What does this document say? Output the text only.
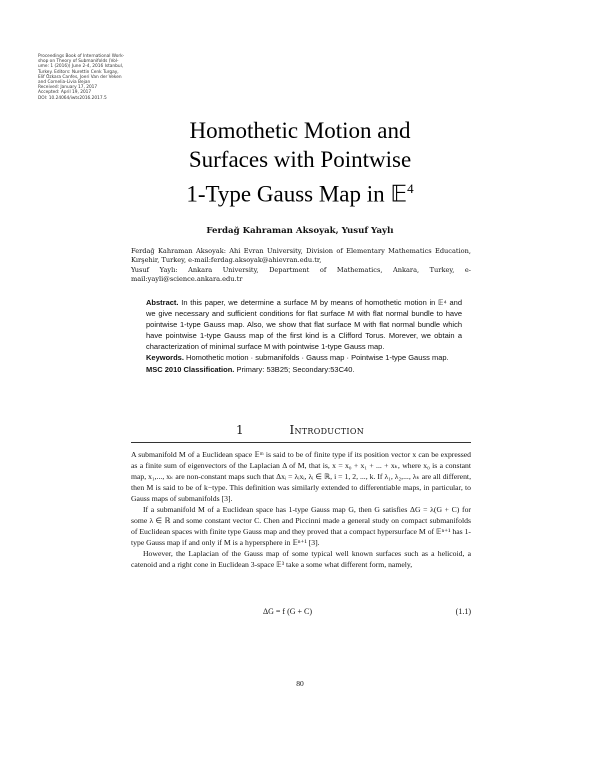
Proceedings Book of International Work-
shop on Theory of Submanifolds (Vol-
ume: 1 (2016)) June 2-4, 2016 Istanbul,
Turkey. Editors: Nurettin Cenk Turgay,
Elif Özkara Canfes, Joeri Van der Veken
and Cornelia-Livia Bejan
Received: January 17, 2017
Accepted: April 19, 2017
DOI: 10.24064/iwts2016.2017.5
Homothetic Motion and
Surfaces with Pointwise
1-Type Gauss Map in 𝔼$^4$
Ferdağ Kahraman Aksoyak, Yusuf Yaylı
Ferdağ Kahraman Aksoyak: Ahi Evran University, Division of Elementary Mathematics Education, Kırşehir, Turkey, e-mail:ferdag.aksoyak@ahievran.edu.tr,
Yusuf Yaylı: Ankara University, Department of Mathematics, Ankara, Turkey, e-mail:yayli@science.ankara.edu.tr
Abstract. In this paper, we determine a surface M by means of homothetic motion in 𝔼⁴ and we give necessary and sufficient conditions for flat surface M with flat normal bundle to have pointwise 1-type Gauss map. Also, we show that flat surface M with flat normal bundle which have pointwise 1-type Gauss map of the first kind is a Clifford Torus. Morever, we obtain a characterization of minimal surface M with pointwise 1-type Gauss map.
Keywords. Homothetic motion · submanifolds · Gauss map · Pointwise 1-type Gauss map.
MSC 2010 Classification. Primary: 53B25; Secondary:53C40.
1	Introduction

A submanifold M of a Euclidean space 𝔼ᵐ is said to be of finite type if its position vector x can be expressed as a finite sum of eigenvectors of the Laplacian Δ of M, that is, x = x₀ + x₁ + ... + xₖ, where x₀ is a constant map, x₁,..., xₖ are non-constant maps such that Δxᵢ = λᵢxᵢ, λᵢ ∈ ℝ, i = 1, 2, ..., k. If λ₁, λ₂,..., λₖ are all different, then M is said to be of k−type. This definition was similarly extended to differentiable maps, in particular, to Gauss maps of submanifolds [3].

If a submanifold M of a Euclidean space has 1-type Gauss map G, then G satisfies ΔG = λ(G + C) for some λ ∈ ℝ and some constant vector C. Chen and Piccinni made a general study on compact submanifolds of Euclidean spaces with finite type Gauss map and they proved that a compact hypersurface M of 𝔼ⁿ⁺¹ has 1-type Gauss map if and only if M is a hypersphere in 𝔼ⁿ⁺¹ [3].

However, the Laplacian of the Gauss map of some typical well known surfaces such as a helicoid, a catenoid and a right cone in Euclidean 3-space 𝔼³ take a some what different form, namely,

ΔG = f (G + C)	(1.1)
80
